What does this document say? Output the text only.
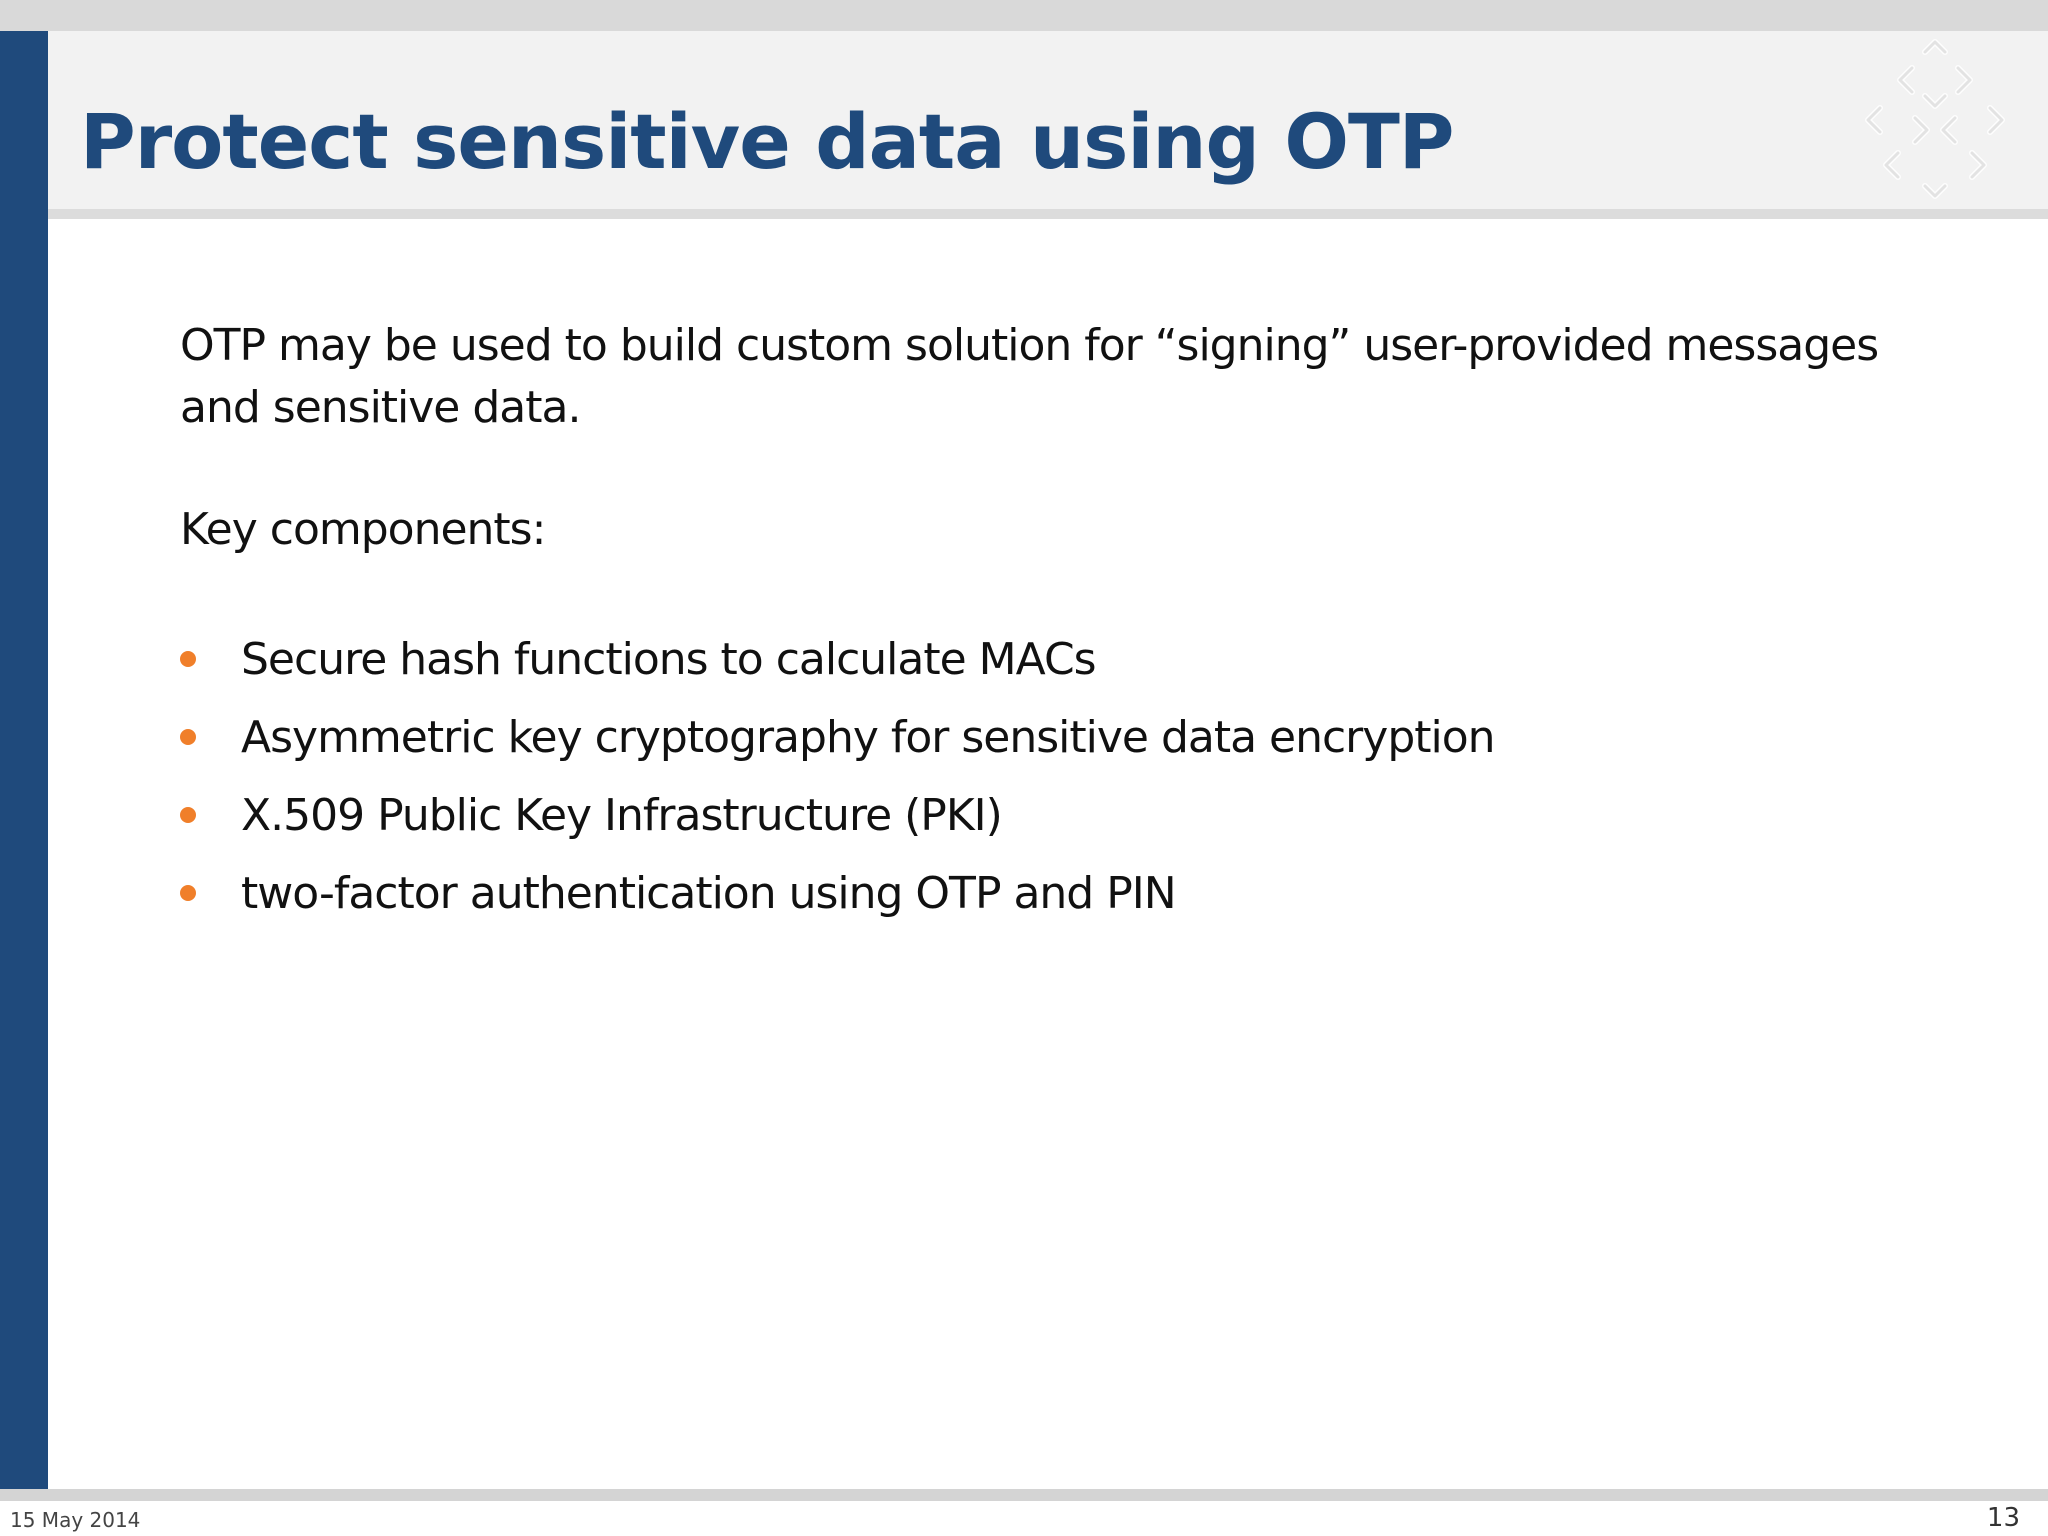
Protect sensitive data using OTP

OTP may be used to build custom solution for “signing” user-provided messages and sensitive data.

Key components:

Secure hash functions to calculate MACs
Asymmetric key cryptography for sensitive data encryption
X.509 Public Key Infrastructure (PKI)
two-factor authentication using OTP and PIN
15 May 2014	13
